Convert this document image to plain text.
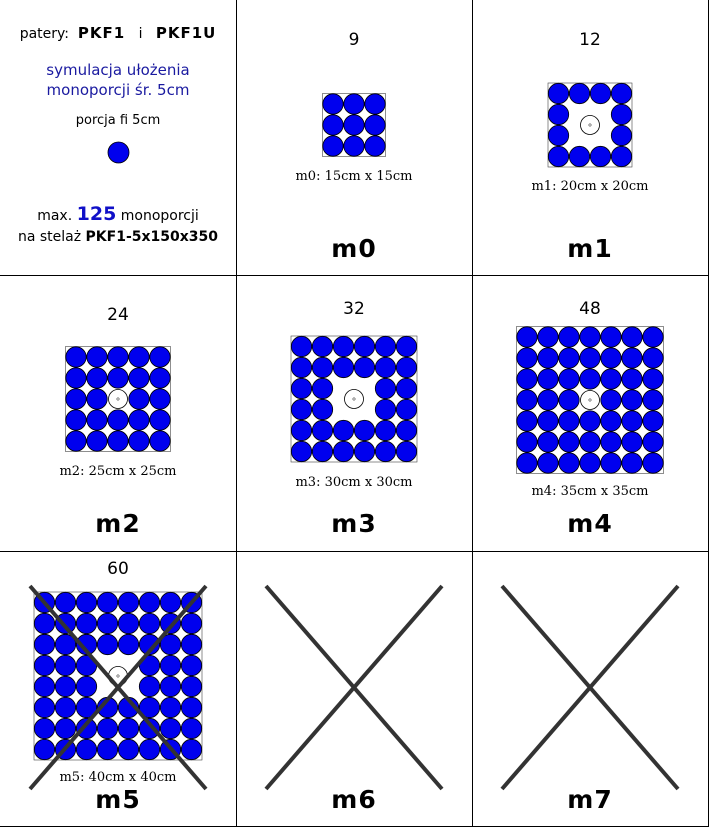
patery: PKF1 i PKF1U
symulacja ułożenia
monoporcji śr. 5cm
porcja fi 5cm
max. 125 monoporcji
na stelaż PKF1-5x150x350
9
m0: 15cm x 15cm
m0
12
m1: 20cm x 20cm
m1
24
m2: 25cm x 25cm
m2
32
m3: 30cm x 30cm
m3
48
m4: 35cm x 35cm
m4
60
m5: 40cm x 40cm
m5	m6	m7
